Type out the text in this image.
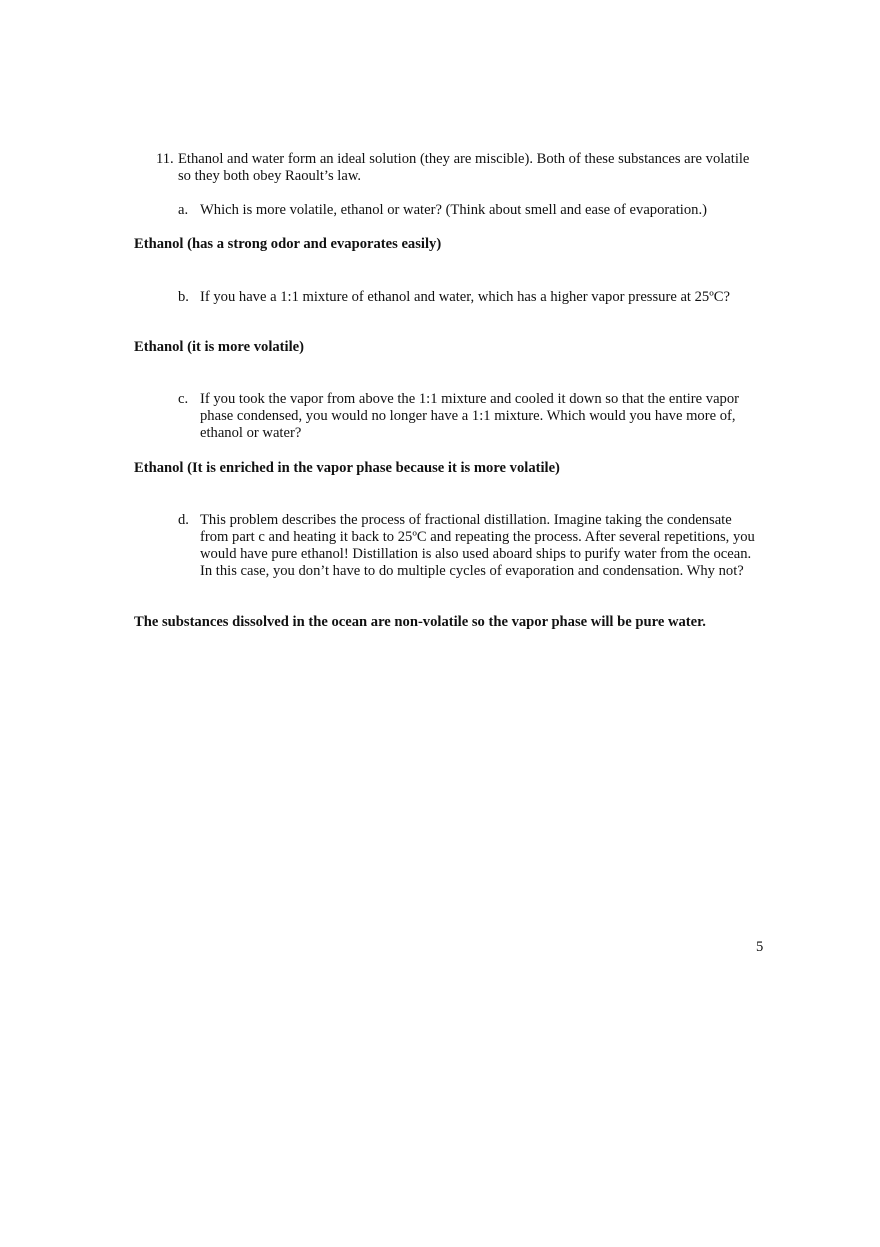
11. Ethanol and water form an ideal solution (they are miscible). Both of these substances are volatile so they both obey Raoult’s law.
a. Which is more volatile, ethanol or water? (Think about smell and ease of evaporation.)
Ethanol (has a strong odor and evaporates easily)
b. If you have a 1:1 mixture of ethanol and water, which has a higher vapor pressure at 25ºC?
Ethanol (it is more volatile)
c. If you took the vapor from above the 1:1 mixture and cooled it down so that the entire vapor phase condensed, you would no longer have a 1:1 mixture. Which would you have more of, ethanol or water?
Ethanol (It is enriched in the vapor phase because it is more volatile)
d. This problem describes the process of fractional distillation. Imagine taking the condensate from part c and heating it back to 25ºC and repeating the process. After several repetitions, you would have pure ethanol! Distillation is also used aboard ships to purify water from the ocean. In this case, you don’t have to do multiple cycles of evaporation and condensation. Why not?
The substances dissolved in the ocean are non-volatile so the vapor phase will be pure water.
5
